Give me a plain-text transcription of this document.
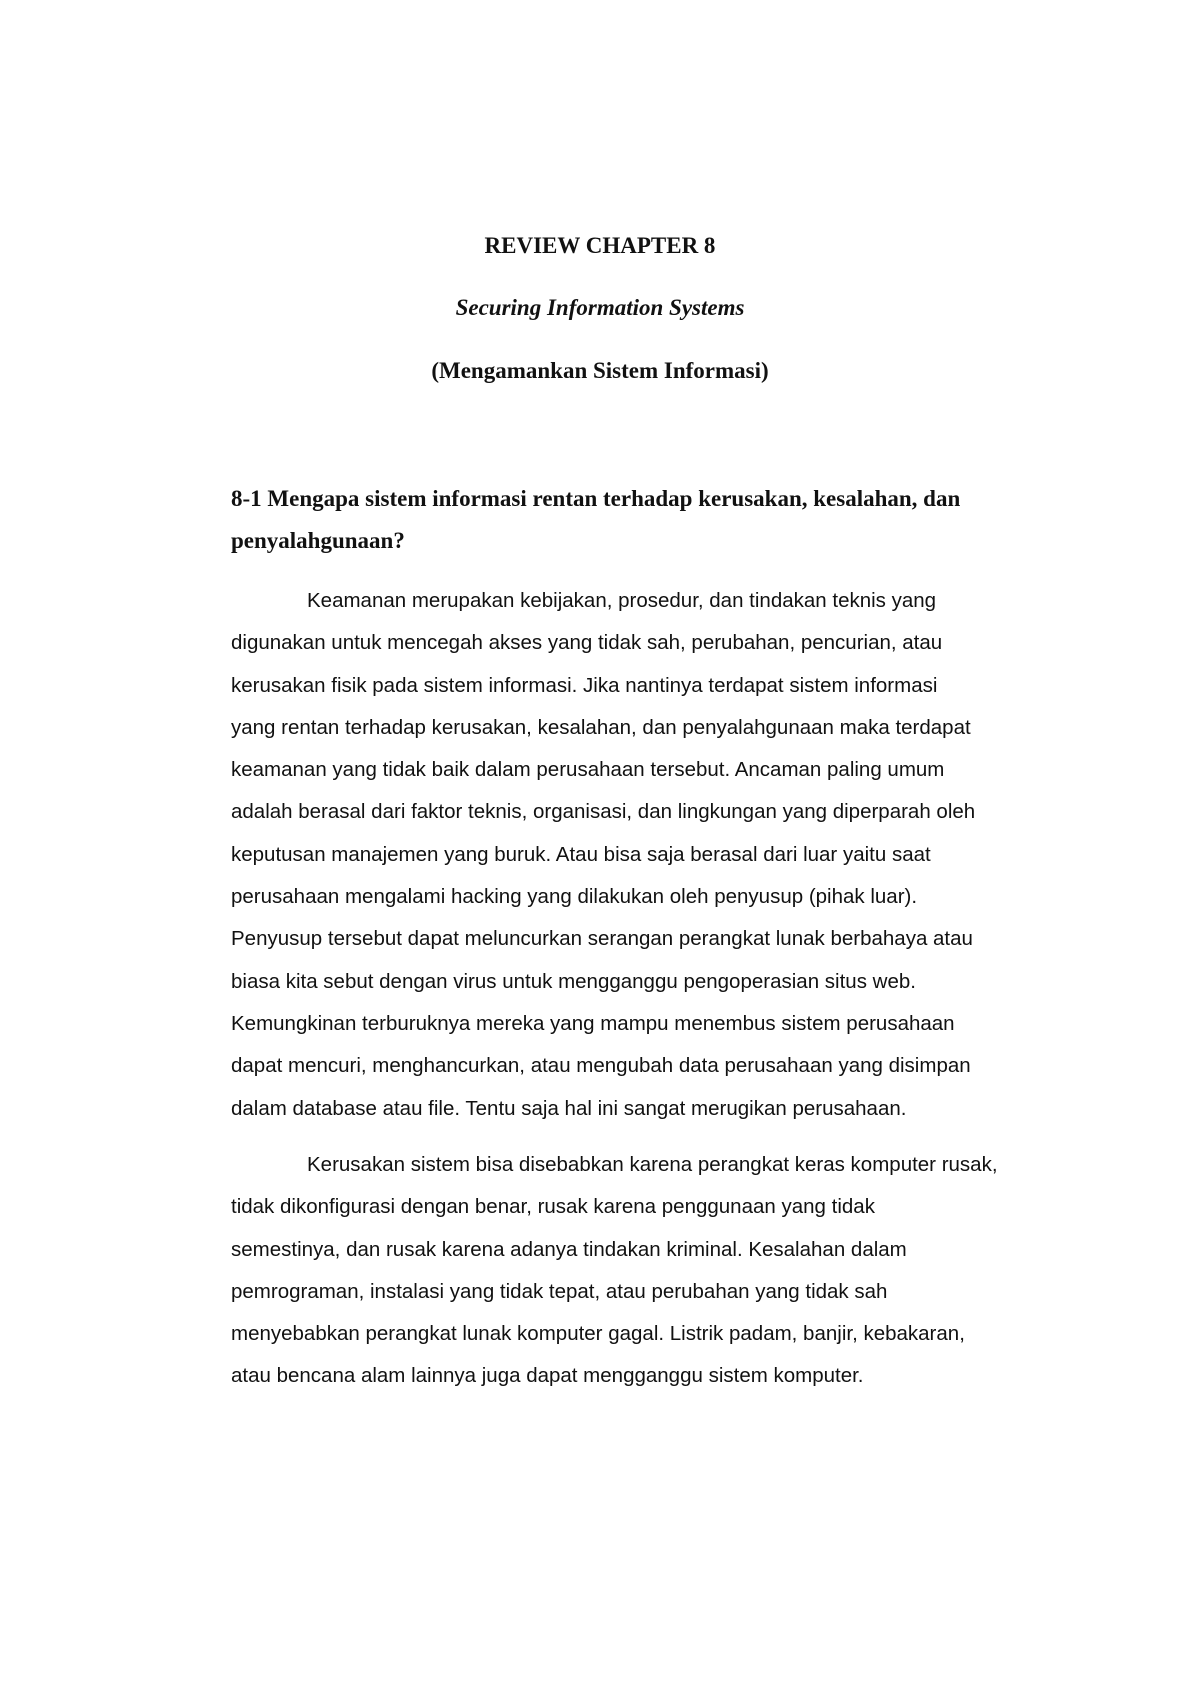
REVIEW CHAPTER 8
Securing Information Systems
(Mengamankan Sistem Informasi)

8-1 Mengapa sistem informasi rentan terhadap kerusakan, kesalahan, dan
penyalahgunaan?

Keamanan merupakan kebijakan, prosedur, dan tindakan teknis yang
digunakan untuk mencegah akses yang tidak sah, perubahan, pencurian, atau
kerusakan fisik pada sistem informasi. Jika nantinya terdapat sistem informasi
yang rentan terhadap kerusakan, kesalahan, dan penyalahgunaan maka terdapat
keamanan yang tidak baik dalam perusahaan tersebut. Ancaman paling umum
adalah berasal dari faktor teknis, organisasi, dan lingkungan yang diperparah oleh
keputusan manajemen yang buruk. Atau bisa saja berasal dari luar yaitu saat
perusahaan mengalami hacking yang dilakukan oleh penyusup (pihak luar).
Penyusup tersebut dapat meluncurkan serangan perangkat lunak berbahaya atau
biasa kita sebut dengan virus untuk mengganggu pengoperasian situs web.
Kemungkinan terburuknya mereka yang mampu menembus sistem perusahaan
dapat mencuri, menghancurkan, atau mengubah data perusahaan yang disimpan
dalam database atau file. Tentu saja hal ini sangat merugikan perusahaan.

Kerusakan sistem bisa disebabkan karena perangkat keras komputer rusak,
tidak dikonfigurasi dengan benar, rusak karena penggunaan yang tidak
semestinya, dan rusak karena adanya tindakan kriminal. Kesalahan dalam
pemrograman, instalasi yang tidak tepat, atau perubahan yang tidak sah
menyebabkan perangkat lunak komputer gagal. Listrik padam, banjir, kebakaran,
atau bencana alam lainnya juga dapat mengganggu sistem komputer.
